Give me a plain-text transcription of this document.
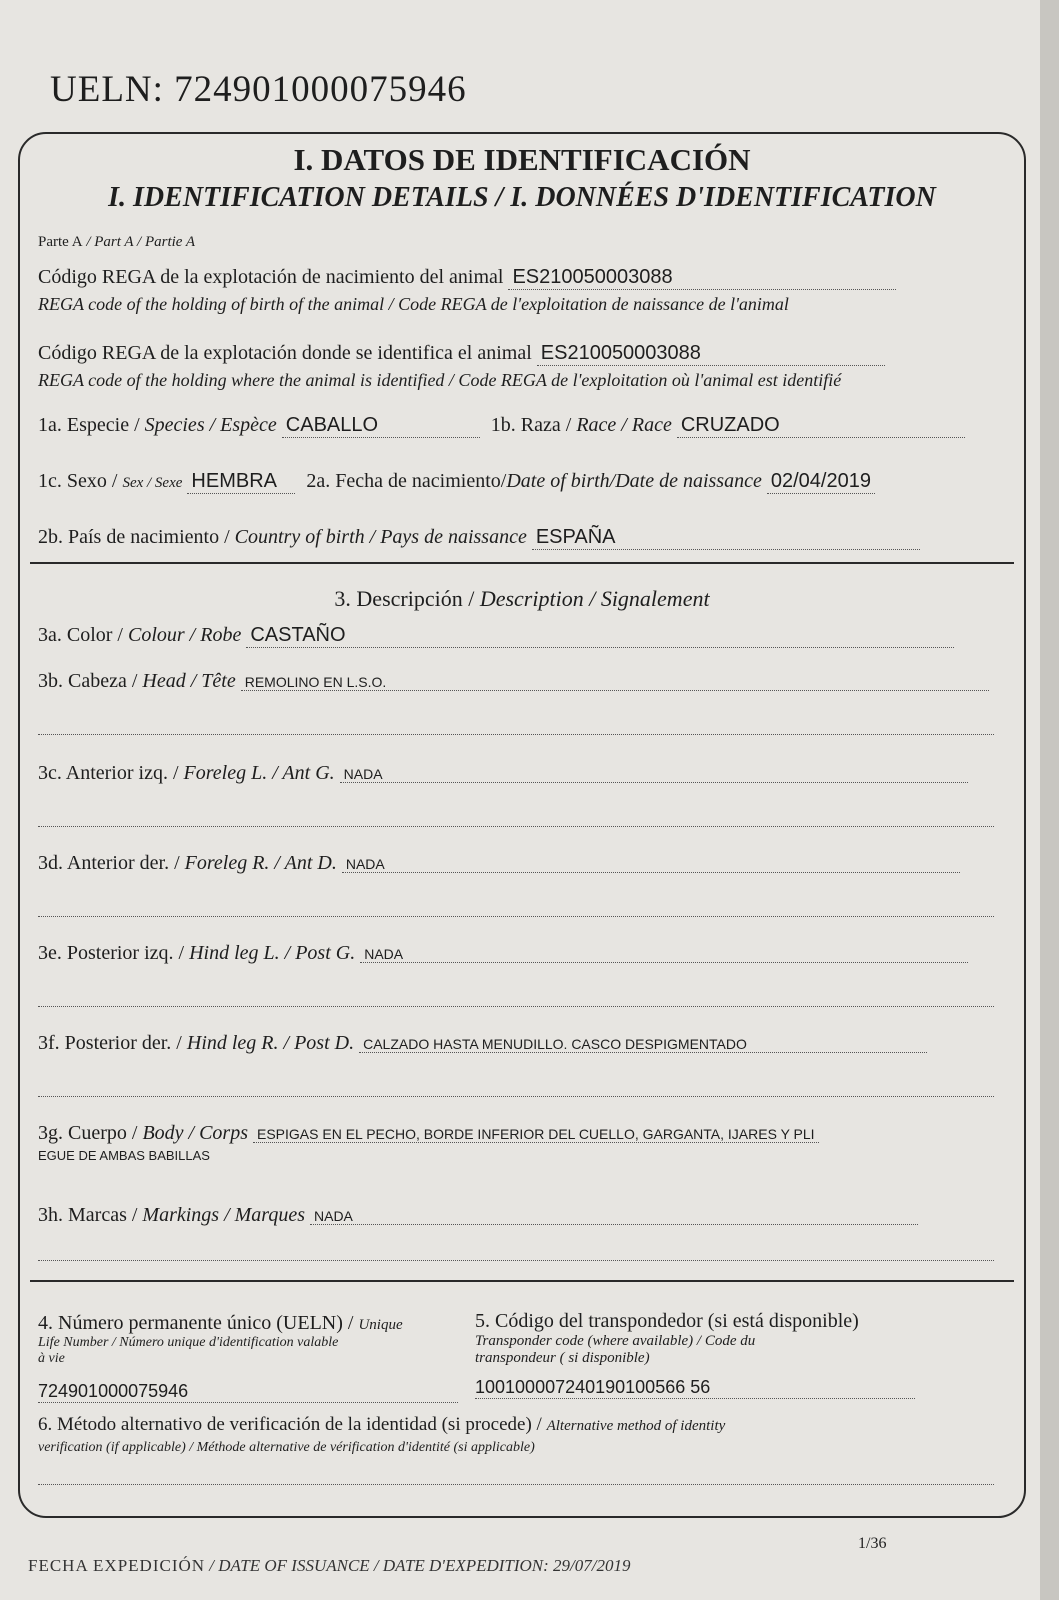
UELN: 724901000075946
I. DATOS DE IDENTIFICACIÓN
I. IDENTIFICATION DETAILS / I. DONNÉES D'IDENTIFICATION
Parte A / Part A / Partie A
Código REGA de la explotación de nacimiento del animal ES210050003088
REGA code of the holding of birth of the animal / Code REGA de l'exploitation de naissance de l'animal
Código REGA de la explotación donde se identifica el animal ES210050003088
REGA code of the holding where the animal is identified / Code REGA de l'exploitation où l'animal est identifié
1a. Especie / Species / Espèce CABALLO	1b. Raza / Race / Race CRUZADO
1c. Sexo / Sex / Sexe HEMBRA 2a. Fecha de nacimiento/Date of birth/Date de naissance 02/04/2019
2b. País de nacimiento / Country of birth / Pays de naissance ESPAÑA
3. Descripción / Description / Signalement
3a. Color / Colour / Robe CASTAÑO
3b. Cabeza / Head / Tête REMOLINO EN L.S.O.
3c. Anterior izq. / Foreleg L. / Ant G. NADA
3d. Anterior der. / Foreleg R. / Ant D. NADA
3e. Posterior izq. / Hind leg L. / Post G. NADA
3f. Posterior der. / Hind leg R. / Post D. CALZADO HASTA MENUDILLO. CASCO DESPIGMENTADO
3g. Cuerpo / Body / Corps ESPIGAS EN EL PECHO, BORDE INFERIOR DEL CUELLO, GARGANTA, IJARES Y PLI
EGUE DE AMBAS BABILLAS
3h. Marcas / Markings / Marques NADA
4. Número permanente único (UELN) / Unique
Life Number / Número unique d'identification valable
à vie
724901000075946
5. Código del transpondedor (si está disponible)
Transponder code (where available) / Code du
transpondeur ( si disponible)
100100007240190100566 56
6. Método alternativo de verificación de la identidad (si procede) / Alternative method of identity
verification (if applicable) / Méthode alternative de vérification d'identité (si applicable)
1/36
FECHA EXPEDICIÓN / DATE OF ISSUANCE / DATE D'EXPEDITION: 29/07/2019
